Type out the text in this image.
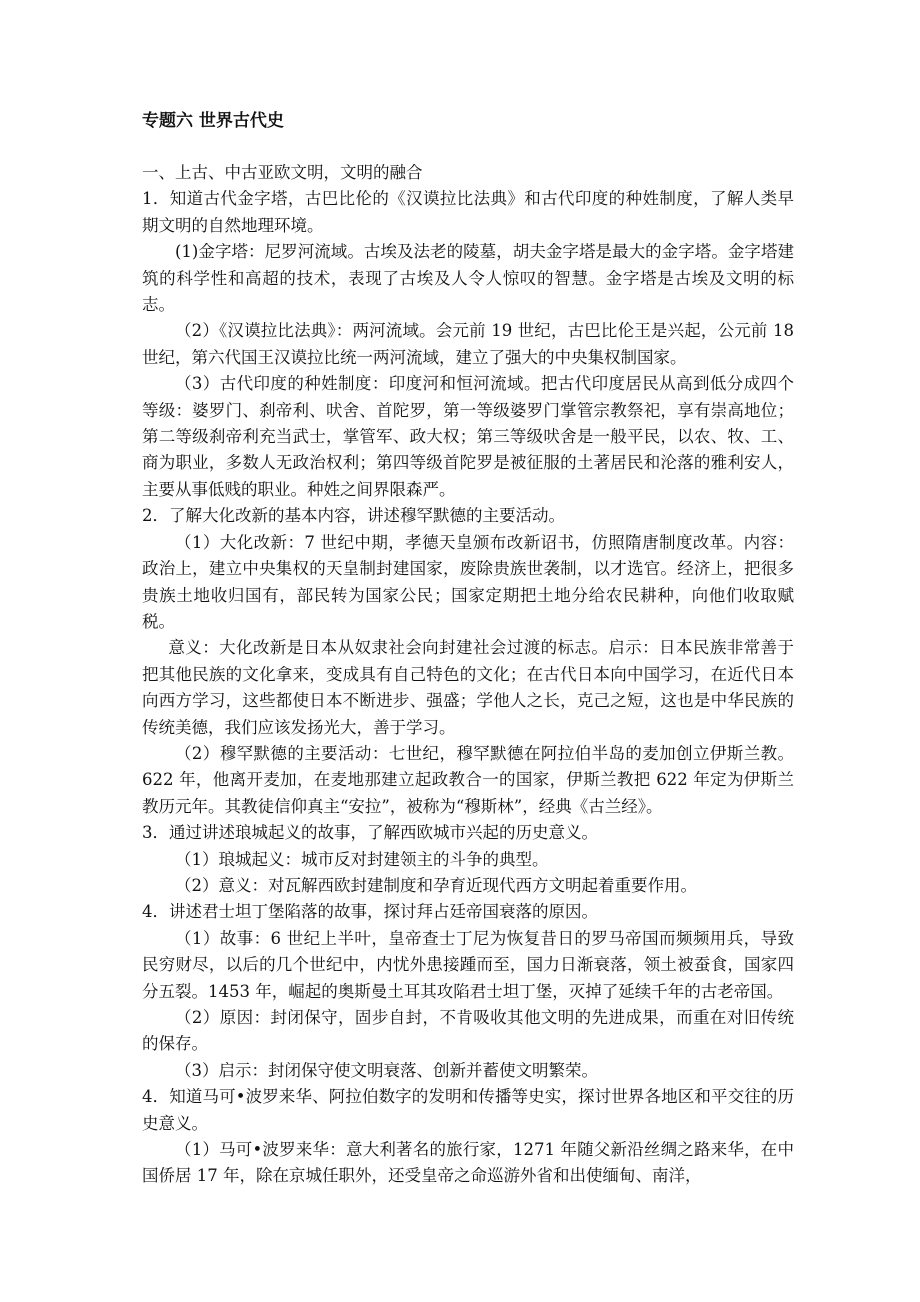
专题六 世界古代史

一、上古、中古亚欧文明，文明的融合

1．知道古代金字塔，古巴比伦的《汉谟拉比法典》和古代印度的种姓制度，了解人类早期文明的自然地理环境。

(1)金字塔：尼罗河流域。古埃及法老的陵墓，胡夫金字塔是最大的金字塔。金字塔建筑的科学性和高超的技术，表现了古埃及人令人惊叹的智慧。金字塔是古埃及文明的标志。

（2）《汉谟拉比法典》：两河流域。会元前 19 世纪，古巴比伦王是兴起，公元前 18 世纪，第六代国王汉谟拉比统一两河流域，建立了强大的中央集权制国家。

（3）古代印度的种姓制度：印度河和恒河流域。把古代印度居民从高到低分成四个等级：婆罗门、刹帝利、吠舍、首陀罗，第一等级婆罗门掌管宗教祭祀，享有崇高地位；第二等级刹帝利充当武士，掌管军、政大权；第三等级吠舍是一般平民，以农、牧、工、商为职业，多数人无政治权利；第四等级首陀罗是被征服的土著居民和沦落的雅利安人，主要从事低贱的职业。种姓之间界限森严。

2．了解大化改新的基本内容，讲述穆罕默德的主要活动。

（1）大化改新：7 世纪中期，孝德天皇颁布改新诏书，仿照隋唐制度改革。内容：政治上，建立中央集权的天皇制封建国家，废除贵族世袭制，以才选官。经济上，把很多贵族土地收归国有，部民转为国家公民；国家定期把土地分给农民耕种，向他们收取赋税。

意义：大化改新是日本从奴隶社会向封建社会过渡的标志。启示：日本民族非常善于把其他民族的文化拿来，变成具有自己特色的文化；在古代日本向中国学习，在近代日本向西方学习，这些都使日本不断进步、强盛；学他人之长，克己之短，这也是中华民族的传统美德，我们应该发扬光大，善于学习。

（2）穆罕默德的主要活动：七世纪，穆罕默德在阿拉伯半岛的麦加创立伊斯兰教。622 年，他离开麦加，在麦地那建立起政教合一的国家，伊斯兰教把 622 年定为伊斯兰教历元年。其教徒信仰真主“安拉”，被称为“穆斯林”，经典《古兰经》。

3．通过讲述琅城起义的故事，了解西欧城市兴起的历史意义。

（1）琅城起义：城市反对封建领主的斗争的典型。

（2）意义：对瓦解西欧封建制度和孕育近现代西方文明起着重要作用。

4．讲述君士坦丁堡陷落的故事，探讨拜占廷帝国衰落的原因。

（1）故事：6 世纪上半叶，皇帝查士丁尼为恢复昔日的罗马帝国而频频用兵，导致民穷财尽，以后的几个世纪中，内忧外患接踵而至，国力日渐衰落，领土被蚕食，国家四分五裂。1453 年，崛起的奥斯曼土耳其攻陷君士坦丁堡，灭掉了延续千年的古老帝国。

（2）原因：封闭保守，固步自封，不肯吸收其他文明的先进成果，而重在对旧传统的保存。

（3）启示：封闭保守使文明衰落、创新并蓄使文明繁荣。

4．知道马可•波罗来华、阿拉伯数字的发明和传播等史实，探讨世界各地区和平交往的历史意义。

（1）马可•波罗来华：意大利著名的旅行家，1271 年随父新沿丝绸之路来华，在中国侨居 17 年，除在京城任职外，还受皇帝之命巡游外省和出使缅甸、南洋，
